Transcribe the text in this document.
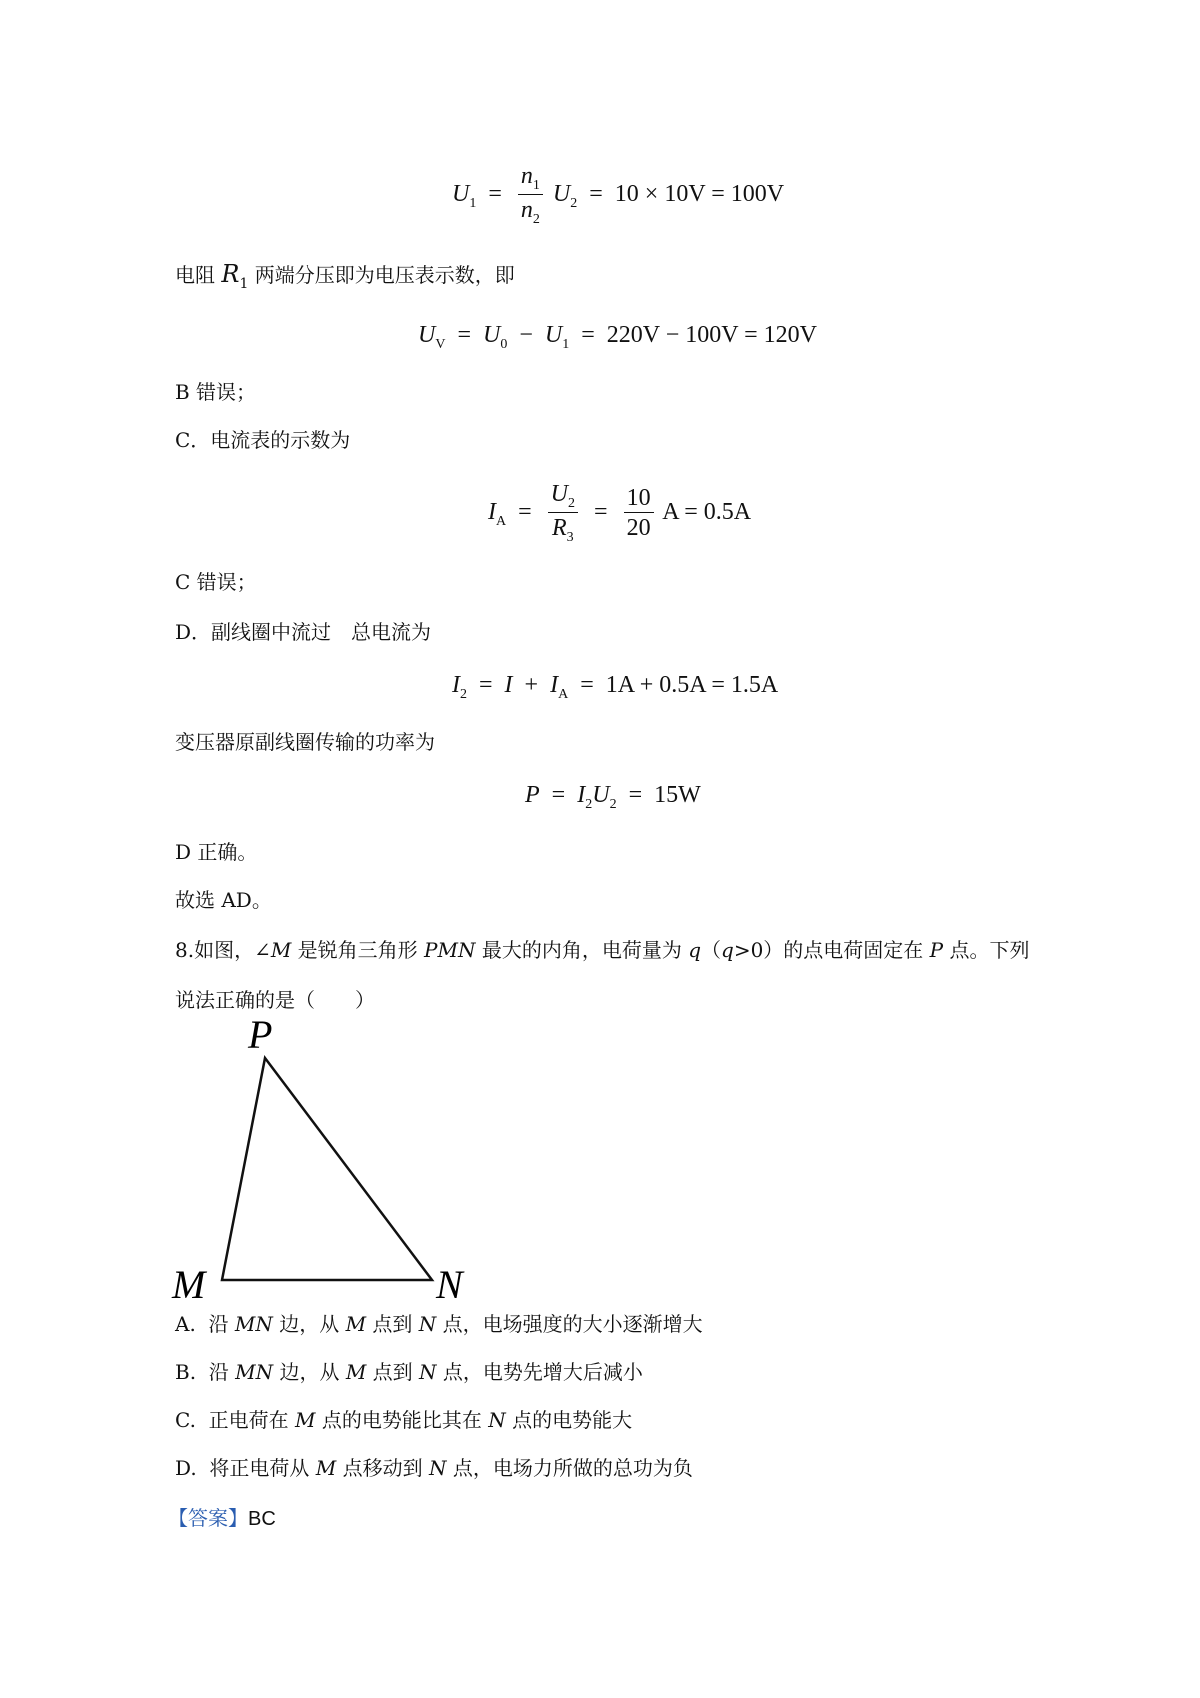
$U_1 = \frac{n_1}{n_2} U_2 = 10 \times 10V = 100V$
电阻 $R_1$ 两端分压即为电压表示数，即
$U_V = U_0 - U_1 = 220V - 100V = 120V$
B 错误；
C．电流表的示数为
$I_A = \frac{U_2}{R_3} = \frac{10}{20}$ A = 0.5A
C 错误；
D．副线圈中流过　总电流为
$I_2 = I + I_A = 1A + 0.5A = 1.5A$
变压器原副线圈传输的功率为
$P = I_2U_2 = 15W$
D 正确。
故选 AD。
8.如图，∠M 是锐角三角形 PMN 最大的内角，电荷量为 q（q>0）的点电荷固定在 P 点。下列
说法正确的是（　　）
P
M	N
A. 沿 MN 边，从 M 点到 N 点，电场强度的大小逐渐增大
B. 沿 MN 边，从 M 点到 N 点，电势先增大后减小
C. 正电荷在 M 点的电势能比其在 N 点的电势能大
D. 将正电荷从 M 点移动到 N 点，电场力所做的总功为负
【答案】BC
